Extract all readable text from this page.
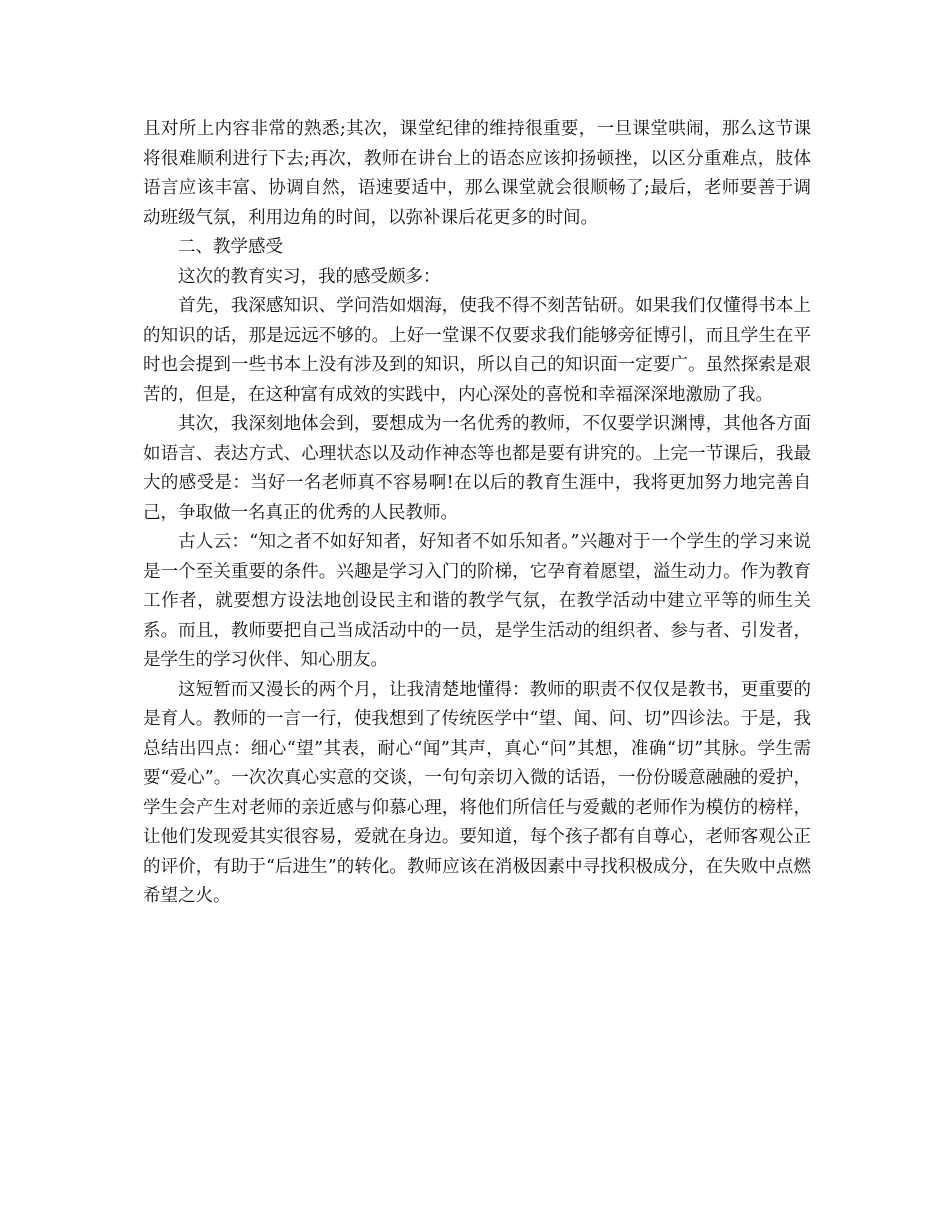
且对所上内容非常的熟悉;其次，课堂纪律的维持很重要，一旦课堂哄闹，那么这节课将很难顺利进行下去;再次，教师在讲台上的语态应该抑扬顿挫，以区分重难点，肢体语言应该丰富、协调自然，语速要适中，那么课堂就会很顺畅了;最后，老师要善于调动班级气氛，利用边角的时间，以弥补课后花更多的时间。

二、教学感受

这次的教育实习，我的感受颇多：

首先，我深感知识、学问浩如烟海，使我不得不刻苦钻研。如果我们仅懂得书本上的知识的话，那是远远不够的。上好一堂课不仅要求我们能够旁征博引，而且学生在平时也会提到一些书本上没有涉及到的知识，所以自己的知识面一定要广。虽然探索是艰苦的，但是，在这种富有成效的实践中，内心深处的喜悦和幸福深深地激励了我。

其次，我深刻地体会到，要想成为一名优秀的教师，不仅要学识渊博，其他各方面如语言、表达方式、心理状态以及动作神态等也都是要有讲究的。上完一节课后，我最大的感受是：当好一名老师真不容易啊!在以后的教育生涯中，我将更加努力地完善自己，争取做一名真正的优秀的人民教师。

古人云：“知之者不如好知者，好知者不如乐知者。”兴趣对于一个学生的学习来说是一个至关重要的条件。兴趣是学习入门的阶梯，它孕育着愿望，溢生动力。作为教育工作者，就要想方设法地创设民主和谐的教学气氛，在教学活动中建立平等的师生关系。而且，教师要把自己当成活动中的一员，是学生活动的组织者、参与者、引发者，是学生的学习伙伴、知心朋友。

这短暂而又漫长的两个月，让我清楚地懂得：教师的职责不仅仅是教书，更重要的是育人。教师的一言一行，使我想到了传统医学中“望、闻、问、切”四诊法。于是，我总结出四点：细心“望”其表，耐心“闻”其声，真心“问”其想，准确“切”其脉。学生需要“爱心”。一次次真心实意的交谈，一句句亲切入微的话语，一份份暖意融融的爱护，学生会产生对老师的亲近感与仰慕心理，将他们所信任与爱戴的老师作为模仿的榜样，让他们发现爱其实很容易，爱就在身边。要知道，每个孩子都有自尊心，老师客观公正的评价，有助于“后进生”的转化。教师应该在消极因素中寻找积极成分，在失败中点燃希望之火。
